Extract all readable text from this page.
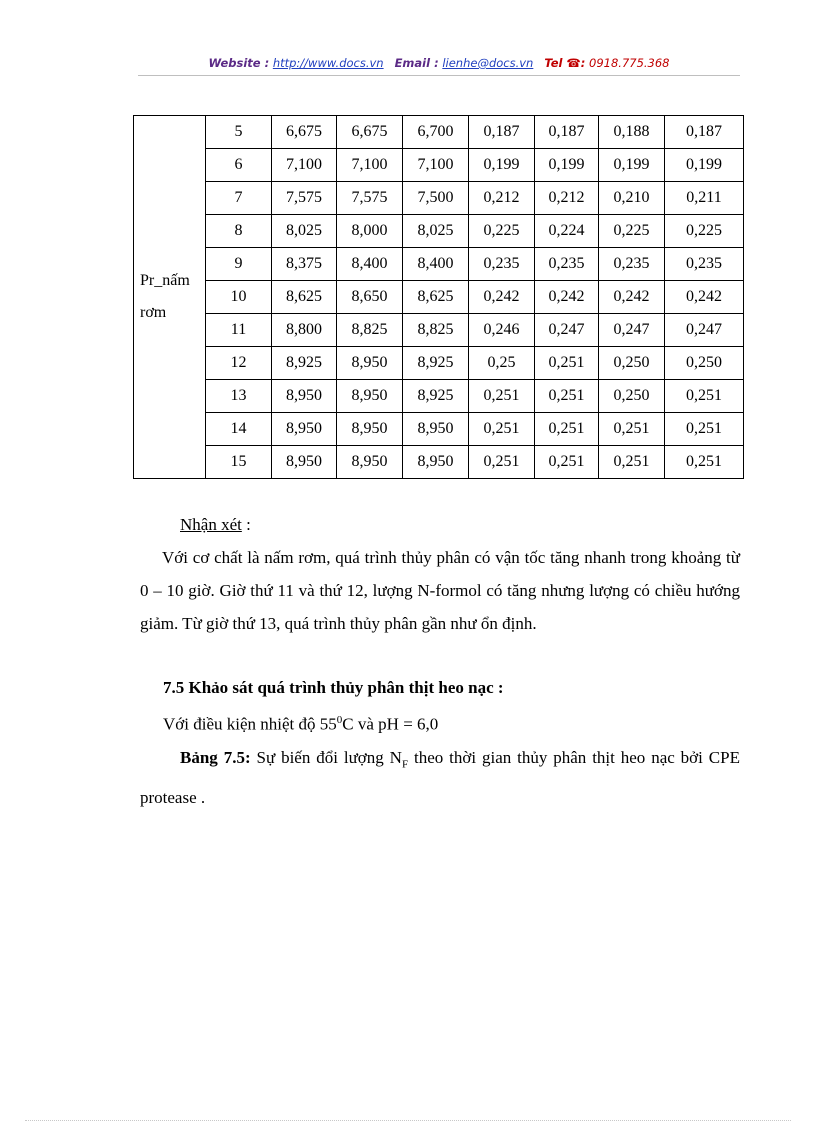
Website : http://www.docs.vn Email : lienhe@docs.vn Tel ☎: 0918.775.368
Pr_nấm
rơm	5	6,675	6,675	6,700	0,187	0,187	0,188	0,187
	6	7,100	7,100	7,100	0,199	0,199	0,199	0,199
	7	7,575	7,575	7,500	0,212	0,212	0,210	0,211
	8	8,025	8,000	8,025	0,225	0,224	0,225	0,225
	9	8,375	8,400	8,400	0,235	0,235	0,235	0,235
	10	8,625	8,650	8,625	0,242	0,242	0,242	0,242
	11	8,800	8,825	8,825	0,246	0,247	0,247	0,247
	12	8,925	8,950	8,925	0,25	0,251	0,250	0,250
	13	8,950	8,950	8,925	0,251	0,251	0,250	0,251
	14	8,950	8,950	8,950	0,251	0,251	0,251	0,251
	15	8,950	8,950	8,950	0,251	0,251	0,251	0,251
Nhận xét :
Với cơ chất là nấm rơm, quá trình thủy phân có vận tốc tăng nhanh trong khoảng từ 0 – 10 giờ. Giờ thứ 11 và thứ 12, lượng N-formol có tăng nhưng lượng có chiều hướng giảm. Từ giờ thứ 13, quá trình thủy phân gần như ổn định.
7.5 Khảo sát quá trình thủy phân thịt heo nạc :
Với điều kiện nhiệt độ $55^0C$ và pH = 6,0
Bảng 7.5: Sự biến đổi lượng $N_F$ theo thời gian thủy phân thịt heo nạc bởi CPE protease .
